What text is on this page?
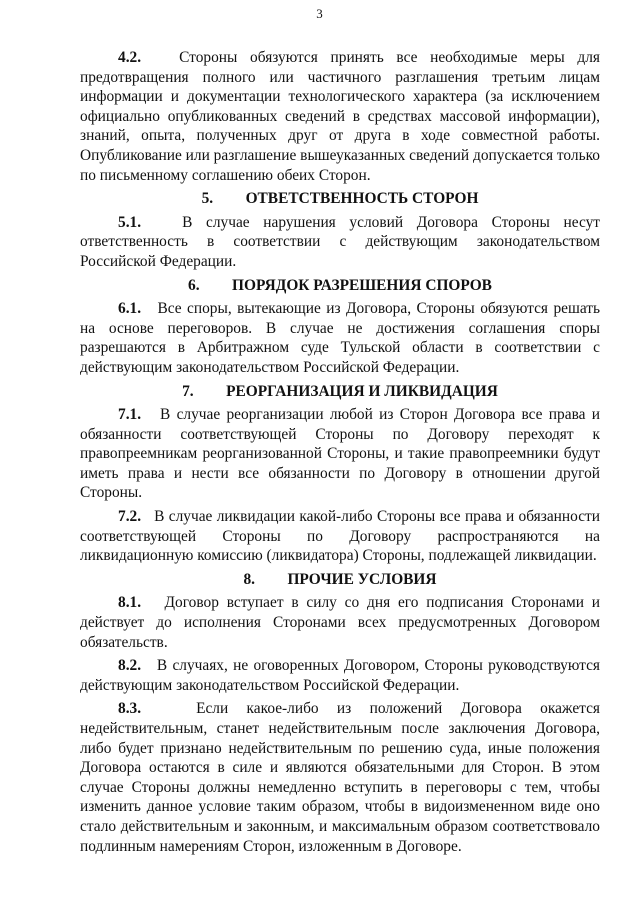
3

4.2. Стороны обязуются принять все необходимые меры для предотвращения полного или частичного разглашения третьим лицам информации и документации технологического характера (за исключением официально опубликованных сведений в средствах массовой информации), знаний, опыта, полученных друг от друга в ходе совместной работы. Опубликование или разглашение вышеуказанных сведений допускается только по письменному соглашению обеих Сторон.

5. ОТВЕТСТВЕННОСТЬ СТОРОН

5.1.	В случае нарушения условий Договора Стороны несут ответственность в соответствии с действующим законодательством Российской Федерации.

6. ПОРЯДОК РАЗРЕШЕНИЯ СПОРОВ

6.1. Все споры, вытекающие из Договора, Стороны обязуются решать на основе переговоров. В случае не достижения соглашения споры разрешаются в Арбитражном суде Тульской области в соответствии с действующим законодательством Российской Федерации.

7. РЕОРГАНИЗАЦИЯ И ЛИКВИДАЦИЯ

7.1. В случае реорганизации любой из Сторон Договора все права и обязанности соответствующей Стороны по Договору переходят к правопреемникам реорганизованной Стороны, и такие правопреемники будут иметь права и нести все обязанности по Договору в отношении другой Стороны.

7.2. В случае ликвидации какой-либо Стороны все права и обязанности соответствующей Стороны по Договору распространяются на ликвидационную комиссию (ликвидатора) Стороны, подлежащей ликвидации.

8. ПРОЧИЕ УСЛОВИЯ

8.1. Договор вступает в силу со дня его подписания Сторонами и действует до исполнения Сторонами всех предусмотренных Договором обязательств.

8.2. В случаях, не оговоренных Договором, Стороны руководствуются действующим законодательством Российской Федерации.

8.3.	Если какое-либо из положений Договора окажется недействительным, станет недействительным после заключения Договора, либо будет признано недействительным по решению суда, иные положения Договора остаются в силе и являются обязательными для Сторон. В этом случае Стороны должны немедленно вступить в переговоры с тем, чтобы изменить данное условие таким образом, чтобы в видоизмененном виде оно стало действительным и законным, и максимальным образом соответствовало подлинным намерениям Сторон, изложенным в Договоре.
